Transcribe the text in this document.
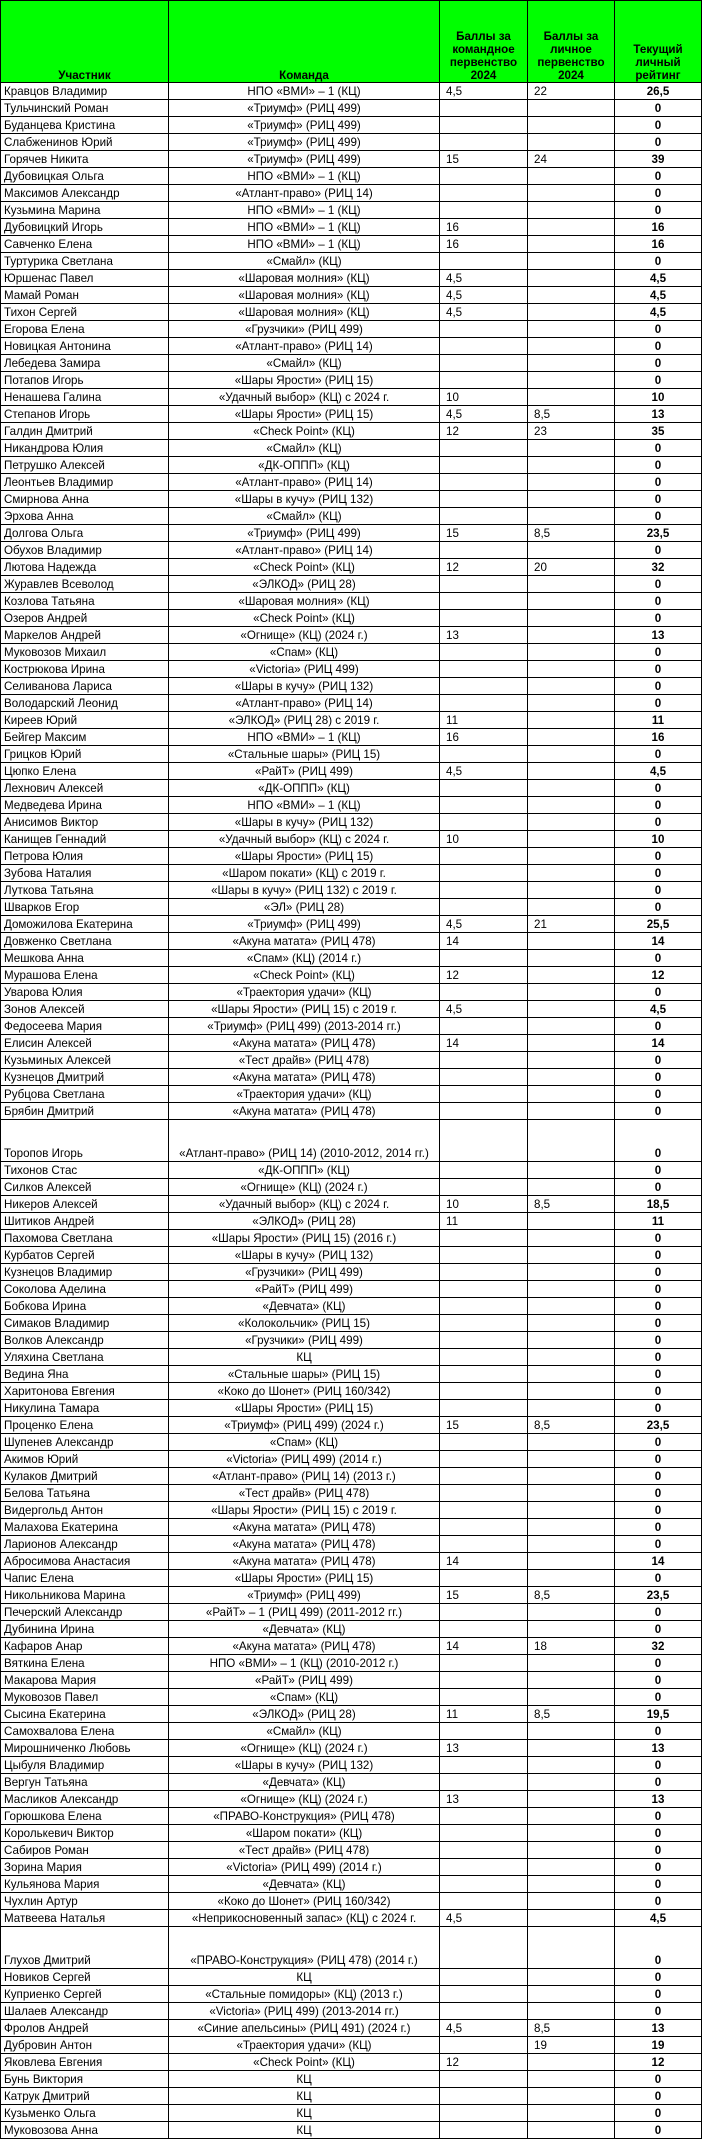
Участник	Команда	Баллы за командное первенство 2024	Баллы за личное первенство 2024	Текущий личный рейтинг
Кравцов Владимир	НПО «ВМИ» – 1 (КЦ)	4,5	22	26,5
Тульчинский Роман	«Триумф» (РИЦ 499)			0
Буданцева Кристина	«Триумф» (РИЦ 499)			0
Слабженинов Юрий	«Триумф» (РИЦ 499)			0
Горячев Никита	«Триумф» (РИЦ 499)	15	24	39
Дубовицкая Ольга	НПО «ВМИ» – 1 (КЦ)			0
Максимов Александр	«Атлант-право» (РИЦ 14)			0
Кузьмина Марина	НПО «ВМИ» – 1 (КЦ)			0
Дубовицкий Игорь	НПО «ВМИ» – 1 (КЦ)	16		16
Савченко Елена	НПО «ВМИ» – 1 (КЦ)	16		16
Туртурика Светлана	«Смайл» (КЦ)			0
Юршенас Павел	«Шаровая молния» (КЦ)	4,5		4,5
Мамай Роман	«Шаровая молния» (КЦ)	4,5		4,5
Тихон Сергей	«Шаровая молния» (КЦ)	4,5		4,5
Егорова Елена	«Грузчики» (РИЦ 499)			0
Новицкая Антонина	«Атлант-право» (РИЦ 14)			0
Лебедева Замира	«Смайл» (КЦ)			0
Потапов Игорь	«Шары Ярости» (РИЦ 15)			0
Ненашева Галина	«Удачный выбор» (КЦ) с 2024 г.	10		10
Степанов Игорь	«Шары Ярости» (РИЦ 15)	4,5	8,5	13
Галдин Дмитрий	«Check Point» (КЦ)	12	23	35
Никандрова Юлия	«Смайл» (КЦ)			0
Петрушко Алексей	«ДК-ОППП» (КЦ)			0
Леонтьев Владимир	«Атлант-право» (РИЦ 14)			0
Смирнова Анна	«Шары в кучу» (РИЦ 132)			0
Эрхова Анна	«Смайл» (КЦ)			0
Долгова Ольга	«Триумф» (РИЦ 499)	15	8,5	23,5
Обухов Владимир	«Атлант-право» (РИЦ 14)			0
Лютова Надежда	«Check Point» (КЦ)	12	20	32
Журавлев Всеволод	«ЭЛКОД» (РИЦ 28)			0
Козлова Татьяна	«Шаровая молния» (КЦ)			0
Озеров Андрей	«Check Point» (КЦ)			0
Маркелов Андрей	«Огнище» (КЦ) (2024 г.)	13		13
Муковозов Михаил	«Спам» (КЦ)			0
Кострюкова Ирина	«Victoria» (РИЦ 499)			0
Селиванова Лариса	«Шары в кучу» (РИЦ 132)			0
Володарский Леонид	«Атлант-право» (РИЦ 14)			0
Киреев Юрий	«ЭЛКОД» (РИЦ 28) с 2019 г.	11		11
Бейгер Максим	НПО «ВМИ» – 1 (КЦ)	16		16
Грицков Юрий	«Стальные шары» (РИЦ 15)			0
Цюпко Елена	«РайТ» (РИЦ 499)	4,5		4,5
Лехнович Алексей	«ДК-ОППП» (КЦ)			0
Медведева Ирина	НПО «ВМИ» – 1 (КЦ)			0
Анисимов Виктор	«Шары в кучу» (РИЦ 132)			0
Канищев Геннадий	«Удачный выбор» (КЦ) с 2024 г.	10		10
Петрова Юлия	«Шары Ярости» (РИЦ 15)			0
Зубова Наталия	«Шаром покати» (КЦ) с 2019 г.			0
Луткова Татьяна	«Шары в кучу» (РИЦ 132) с 2019 г.			0
Шварков Егор	«ЭЛ» (РИЦ 28)			0
Доможилова Екатерина	«Триумф» (РИЦ 499)	4,5	21	25,5
Довженко Светлана	«Акуна матата» (РИЦ 478)	14		14
Мешкова Анна	«Спам» (КЦ) (2014 г.)			0
Мурашова Елена	«Check Point» (КЦ)	12		12
Уварова Юлия	«Траектория удачи» (КЦ)			0
Зонов Алексей	«Шары Ярости» (РИЦ 15) с 2019 г.	4,5		4,5
Федосеева Мария	«Триумф» (РИЦ 499) (2013-2014 гг.)			0
Елисин Алексей	«Акуна матата» (РИЦ 478)	14		14
Кузьминых Алексей	«Тест драйв» (РИЦ 478)			0
Кузнецов Дмитрий	«Акуна матата» (РИЦ 478)			0
Рубцова Светлана	«Траектория удачи» (КЦ)			0
Брябин Дмитрий	«Акуна матата» (РИЦ 478)			0
Торопов Игорь	«Атлант-право» (РИЦ 14) (2010-2012, 2014 гг.)			0
Тихонов Стас	«ДК-ОППП» (КЦ)			0
Силков Алексей	«Огнище» (КЦ) (2024 г.)			0
Никеров Алексей	«Удачный выбор» (КЦ) с 2024 г.	10	8,5	18,5
Шитиков Андрей	«ЭЛКОД» (РИЦ 28)	11		11
Пахомова Светлана	«Шары Ярости» (РИЦ 15) (2016 г.)			0
Курбатов Сергей	«Шары в кучу» (РИЦ 132)			0
Кузнецов Владимир	«Грузчики» (РИЦ 499)			0
Соколова Аделина	«РайТ» (РИЦ 499)			0
Бобкова Ирина	«Девчата» (КЦ)			0
Симаков Владимир	«Колокольчик» (РИЦ 15)			0
Волков Александр	«Грузчики» (РИЦ 499)			0
Уляхина Светлана	КЦ			0
Ведина Яна	«Стальные шары» (РИЦ 15)			0
Харитонова Евгения	«Коко до Шонет» (РИЦ 160/342)			0
Никулина Тамара	«Шары Ярости» (РИЦ 15)			0
Проценко Елена	«Триумф» (РИЦ 499) (2024 г.)	15	8,5	23,5
Шупенев Александр	«Спам» (КЦ)			0
Акимов Юрий	«Victoria» (РИЦ 499) (2014 г.)			0
Кулаков Дмитрий	«Атлант-право» (РИЦ 14) (2013 г.)			0
Белова Татьяна	«Тест драйв» (РИЦ 478)			0
Видергольд Антон	«Шары Ярости» (РИЦ 15) с 2019 г.			0
Малахова Екатерина	«Акуна матата» (РИЦ 478)			0
Ларионов Александр	«Акуна матата» (РИЦ 478)			0
Абросимова Анастасия	«Акуна матата» (РИЦ 478)	14		14
Чапис Елена	«Шары Ярости» (РИЦ 15)			0
Никольникова Марина	«Триумф» (РИЦ 499)	15	8,5	23,5
Печерский Александр	«РайТ» – 1 (РИЦ 499) (2011-2012 гг.)			0
Дубинина Ирина	«Девчата» (КЦ)			0
Кафаров Анар	«Акуна матата» (РИЦ 478)	14	18	32
Вяткина Елена	НПО «ВМИ» – 1 (КЦ) (2010-2012 г.)			0
Макарова Мария	«РайТ» (РИЦ 499)			0
Муковозов Павел	«Спам» (КЦ)			0
Сысина Екатерина	«ЭЛКОД» (РИЦ 28)	11	8,5	19,5
Самохвалова Елена	«Смайл» (КЦ)			0
Мирошниченко Любовь	«Огнище» (КЦ) (2024 г.)	13		13
Цыбуля Владимир	«Шары в кучу» (РИЦ 132)			0
Вергун Татьяна	«Девчата» (КЦ)			0
Масликов Александр	«Огнище» (КЦ) (2024 г.)	13		13
Горюшкова Елена	«ПРАВО-Конструкция» (РИЦ 478)			0
Королькевич Виктор	«Шаром покати» (КЦ)			0
Сабиров Роман	«Тест драйв» (РИЦ 478)			0
Зорина Мария	«Victoria» (РИЦ 499) (2014 г.)			0
Кульянова Мария	«Девчата» (КЦ)			0
Чухлин Артур	«Коко до Шонет» (РИЦ 160/342)			0
Матвеева Наталья	«Неприкосновенный запас» (КЦ) с 2024 г.	4,5		4,5
Глухов Дмитрий	«ПРАВО-Конструкция» (РИЦ 478) (2014 г.)			0
Новиков Сергей	КЦ			0
Куприенко Сергей	«Стальные помидоры» (КЦ) (2013 г.)			0
Шалаев Александр	«Victoria» (РИЦ 499) (2013-2014 гг.)			0
Фролов Андрей	«Синие апельсины» (РИЦ 491) (2024 г.)	4,5	8,5	13
Дубровин Антон	«Траектория удачи» (КЦ)		19	19
Яковлева Евгения	«Check Point» (КЦ)	12		12
Бунь Виктория	КЦ			0
Катрук Дмитрий	КЦ			0
Кузьменко Ольга	КЦ			0
Муковозова Анна	КЦ			0
